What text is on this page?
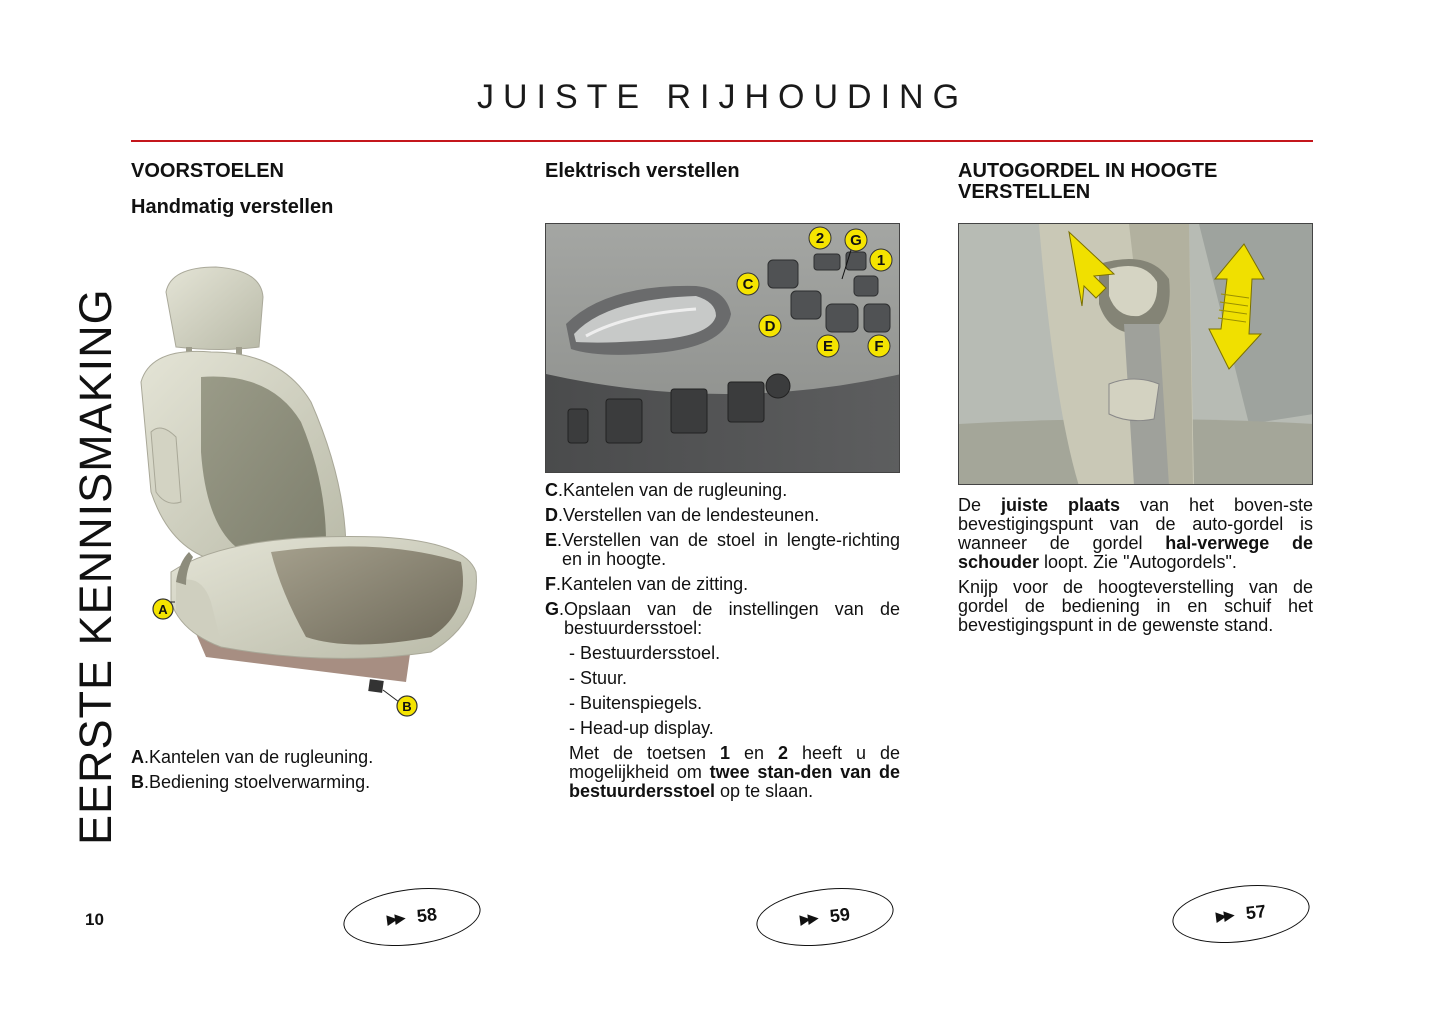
JUISTE RIJHOUDING
EERSTE KENNISMAKING
VOORSTOELEN
Handmatig verstellen
A
B
A . Kantelen van de rugleuning.
B . Bediening stoelverwarming.
Elektrisch verstellen
2 G
1
C
D
E	F
C . Kantelen van de rugleuning.
D . Verstellen van de lendesteunen.
E . Verstellen van de stoel in lengte-richting en in hoogte.
F . Kantelen van de zitting.
G . Opslaan van de instellingen van de bestuurdersstoel:
- Bestuurdersstoel.
- Stuur.
- Buitenspiegels.
- Head-up display.
Met de toetsen 1 en 2 heeft u de mogelijkheid om twee stan-den van de bestuurdersstoel op te slaan.
AUTOGORDEL IN HOOGTE VERSTELLEN
De juiste plaats van het boven-ste bevestigingspunt van de auto-gordel is wanneer de gordel hal-verwege de schouder loopt. Zie "Autogordels".
Knijp voor de hoogteverstelling van de gordel de bediening in en schuif het bevestigingspunt in de gewenste stand.
▶▶ 58	▶▶ 59	▶▶ 57
10
